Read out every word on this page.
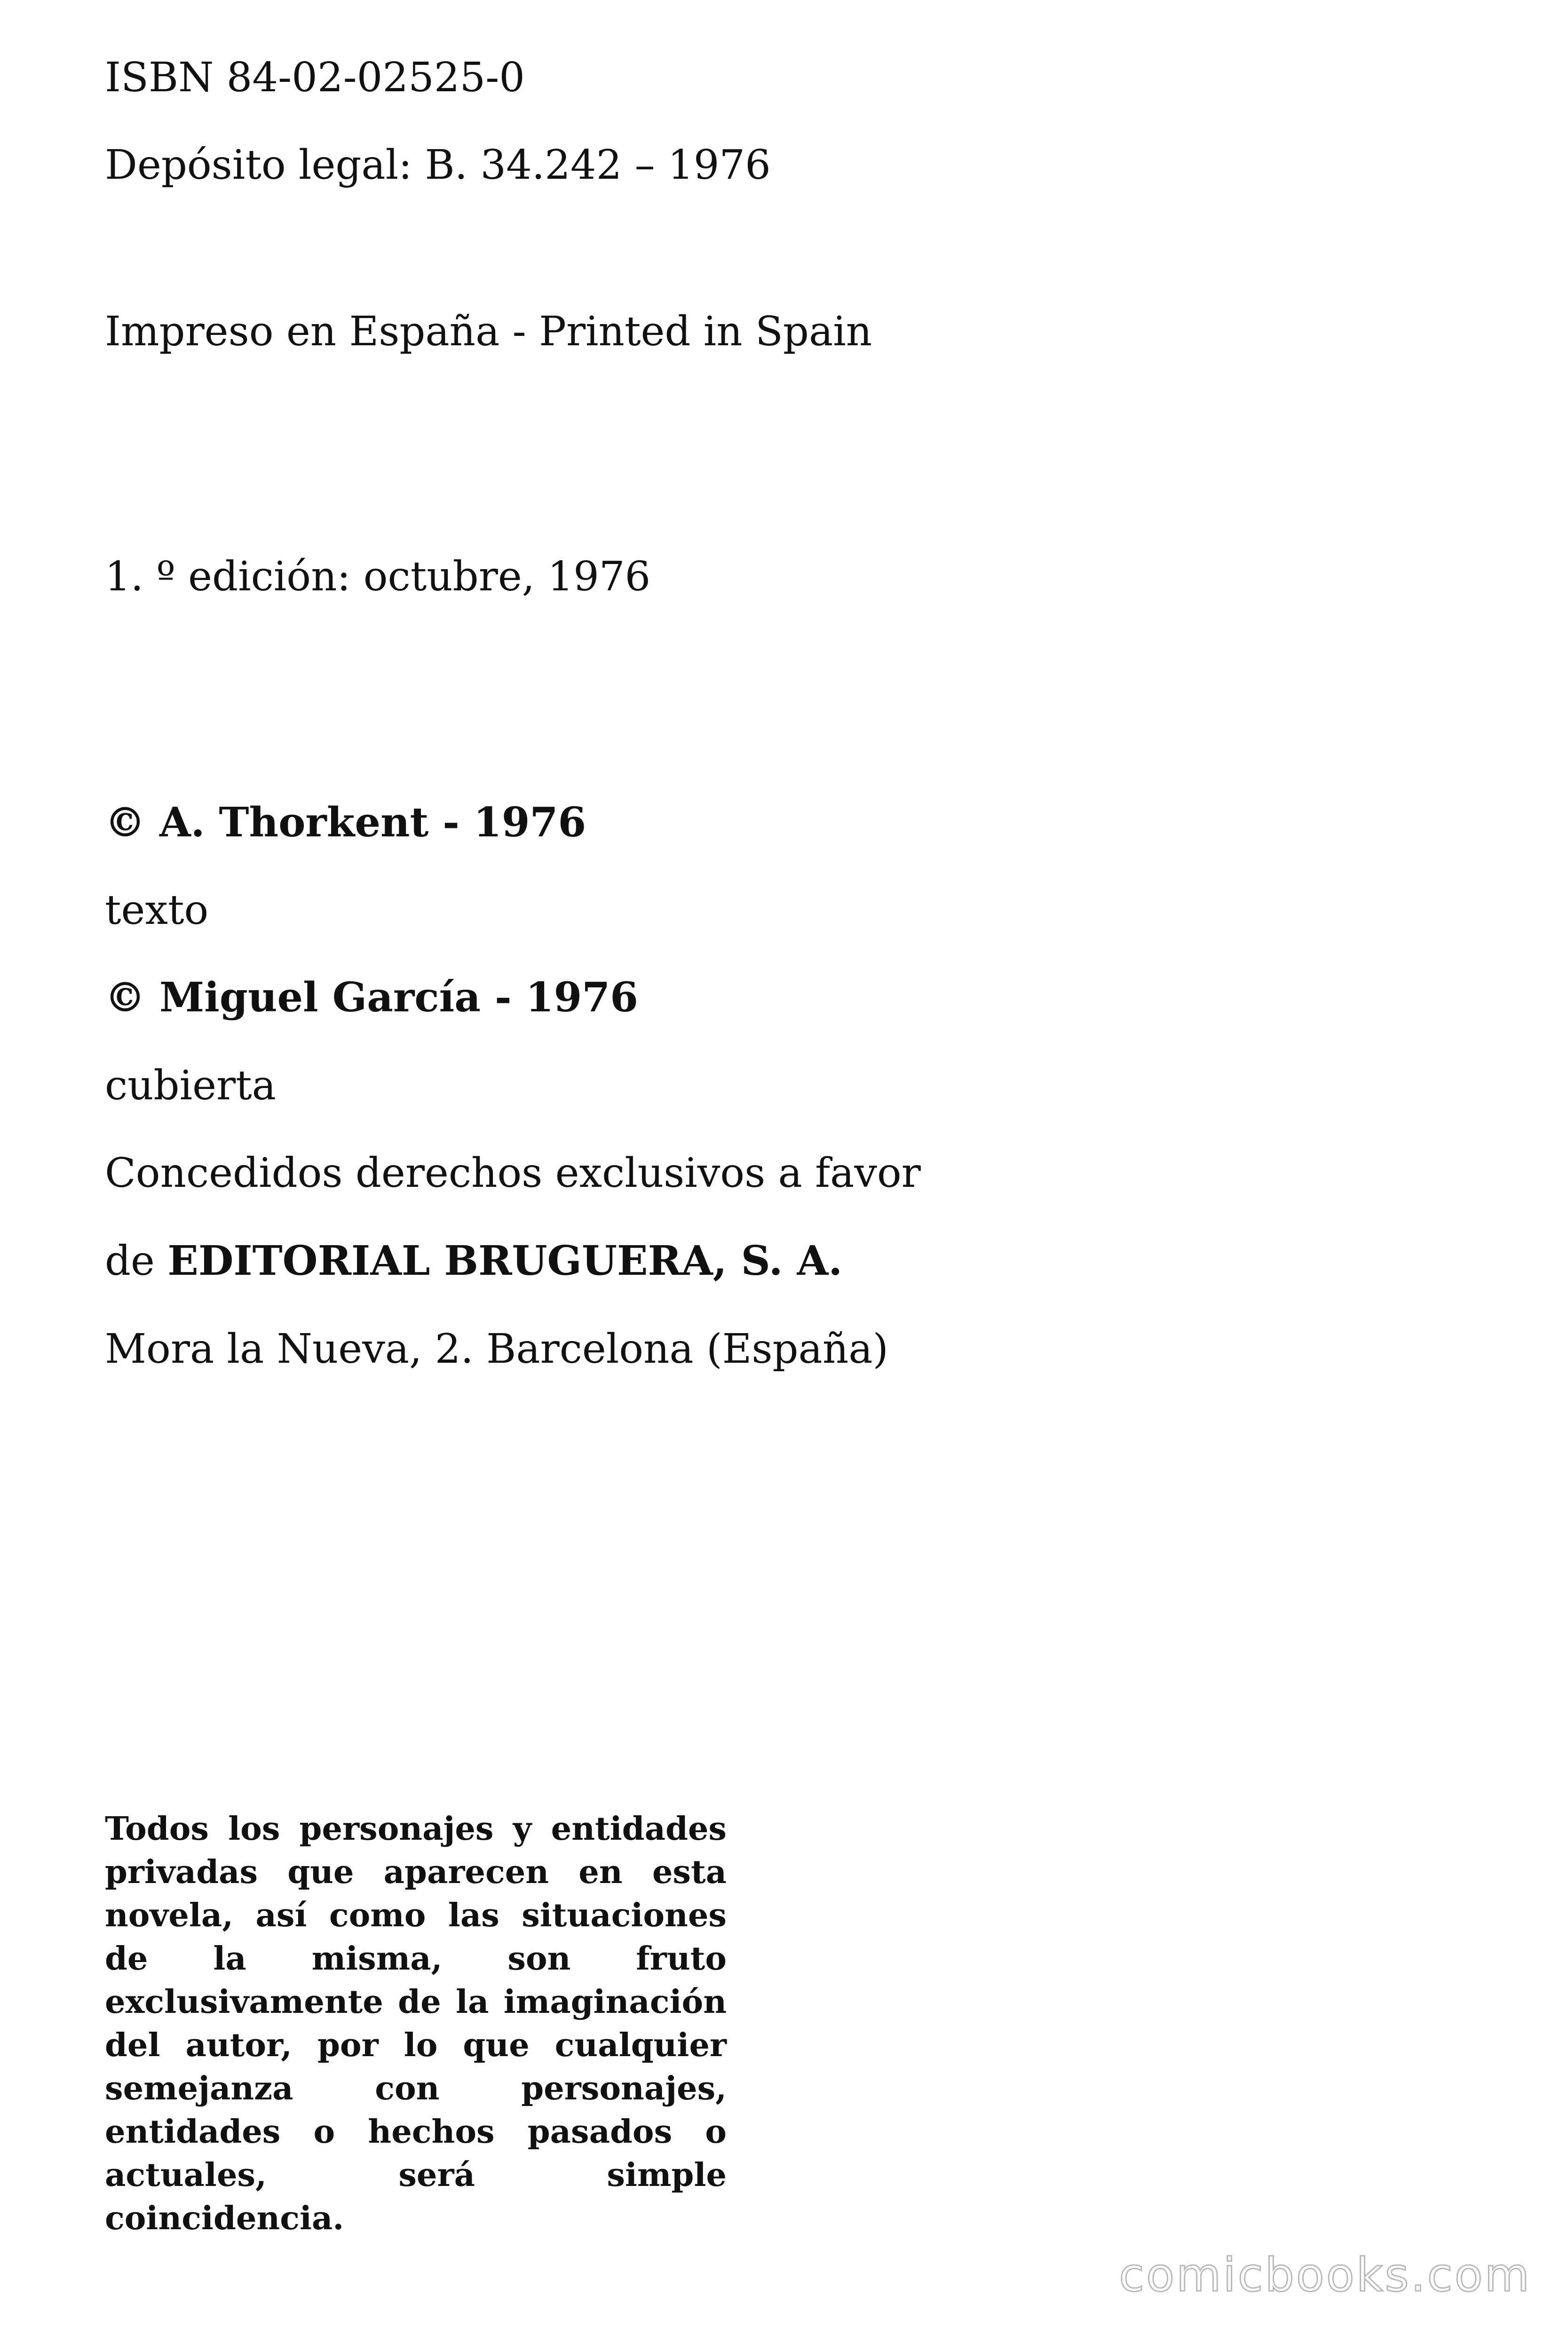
ISBN 84-02-02525-0

Depósito legal: B. 34.242 – 1976

Impreso en España - Printed in Spain

1. º edición: octubre, 1976

© A. Thorkent - 1976

texto

© Miguel García - 1976

cubierta

Concedidos derechos exclusivos a favor

de EDITORIAL BRUGUERA, S. A.

Mora la Nueva, 2. Barcelona (España)

Todos los personajes y entidades privadas que aparecen en esta novela, así como las situaciones de la misma, son fruto exclusivamente de la imaginación del autor, por lo que cualquier semejanza con personajes, entidades o hechos pasados o actuales, será simple coincidencia.

comicbooks.com
